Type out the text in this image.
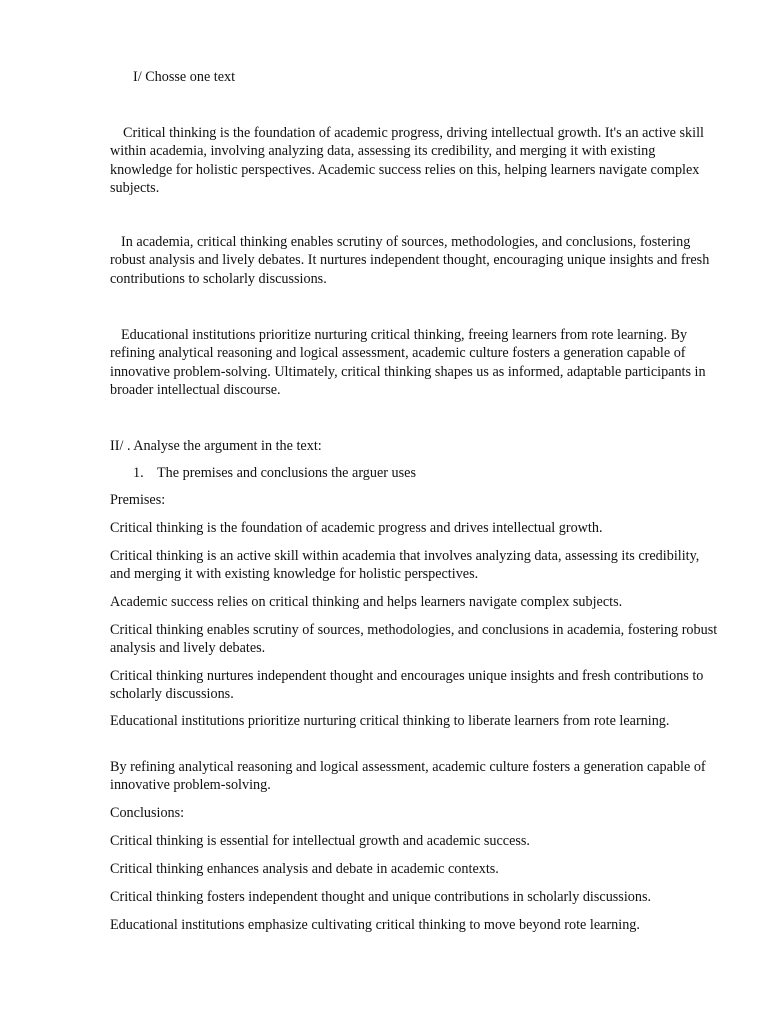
I/ Chosse one text

Critical thinking is the foundation of academic progress, driving intellectual growth. It's an active skill within academia, involving analyzing data, assessing its credibility, and merging it with existing knowledge for holistic perspectives. Academic success relies on this, helping learners navigate complex subjects.

In academia, critical thinking enables scrutiny of sources, methodologies, and conclusions, fostering robust analysis and lively debates. It nurtures independent thought, encouraging unique insights and fresh contributions to scholarly discussions.

Educational institutions prioritize nurturing critical thinking, freeing learners from rote learning. By refining analytical reasoning and logical assessment, academic culture fosters a generation capable of innovative problem-solving. Ultimately, critical thinking shapes us as informed, adaptable participants in broader intellectual discourse.

II/ . Analyse the argument in the text:

1. The premises and conclusions the arguer uses

Premises:

Critical thinking is the foundation of academic progress and drives intellectual growth.

Critical thinking is an active skill within academia that involves analyzing data, assessing its credibility, and merging it with existing knowledge for holistic perspectives.

Academic success relies on critical thinking and helps learners navigate complex subjects.

Critical thinking enables scrutiny of sources, methodologies, and conclusions in academia, fostering robust analysis and lively debates.

Critical thinking nurtures independent thought and encourages unique insights and fresh contributions to scholarly discussions.

Educational institutions prioritize nurturing critical thinking to liberate learners from rote learning.

By refining analytical reasoning and logical assessment, academic culture fosters a generation capable of innovative problem-solving.

Conclusions:

Critical thinking is essential for intellectual growth and academic success.

Critical thinking enhances analysis and debate in academic contexts.

Critical thinking fosters independent thought and unique contributions in scholarly discussions.

Educational institutions emphasize cultivating critical thinking to move beyond rote learning.
